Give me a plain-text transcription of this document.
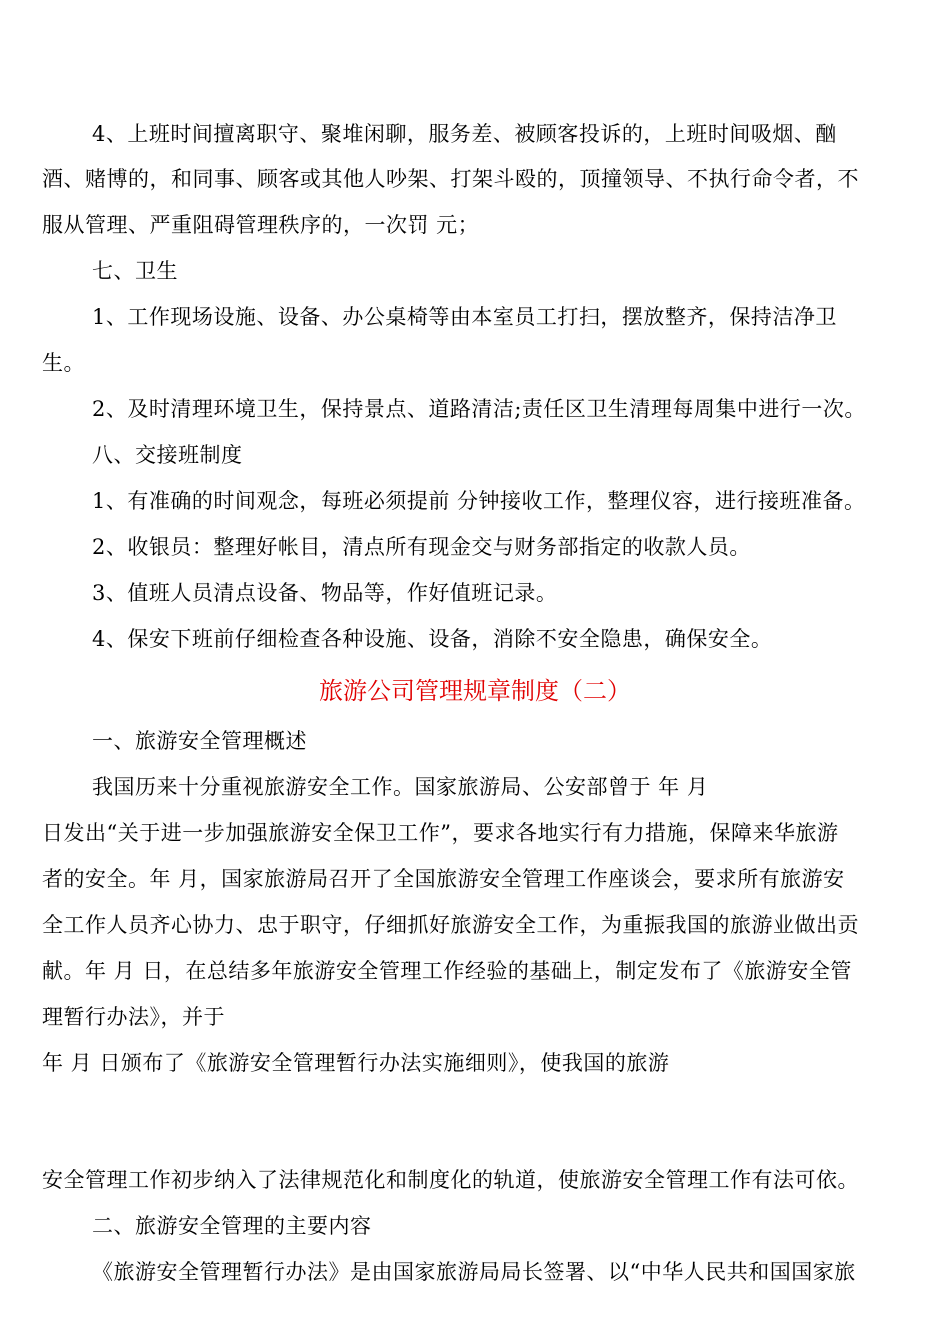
4、上班时间擅离职守、聚堆闲聊，服务差、被顾客投诉的，上班时间吸烟、酗
酒、赌博的，和同事、顾客或其他人吵架、打架斗殴的，顶撞领导、不执行命令者，不
服从管理、严重阻碍管理秩序的，一次罚 元；
七、卫生
1、工作现场设施、设备、办公桌椅等由本室员工打扫，摆放整齐，保持洁净卫
生。
2、及时清理环境卫生，保持景点、道路清洁;责任区卫生清理每周集中进行一次。
八、交接班制度
1、有准确的时间观念，每班必须提前 分钟接收工作，整理仪容，进行接班准备。
2、收银员：整理好帐目，清点所有现金交与财务部指定的收款人员。
3、值班人员清点设备、物品等，作好值班记录。
4、保安下班前仔细检查各种设施、设备，消除不安全隐患，确保安全。
旅游公司管理规章制度（二）
一、旅游安全管理概述
我国历来十分重视旅游安全工作。国家旅游局、公安部曾于 年 月
日发出“关于进一步加强旅游安全保卫工作”，要求各地实行有力措施，保障来华旅游
者的安全。年 月，国家旅游局召开了全国旅游安全管理工作座谈会，要求所有旅游安
全工作人员齐心协力、忠于职守，仔细抓好旅游安全工作，为重振我国的旅游业做出贡
献。年 月 日，在总结多年旅游安全管理工作经验的基础上，制定发布了《旅游安全管
理暂行办法》，并于
年 月 日颁布了《旅游安全管理暂行办法实施细则》，使我国的旅游
安全管理工作初步纳入了法律规范化和制度化的轨道，使旅游安全管理工作有法可依。
二、旅游安全管理的主要内容
《旅游安全管理暂行办法》是由国家旅游局局长签署、以“中华人民共和国国家旅
